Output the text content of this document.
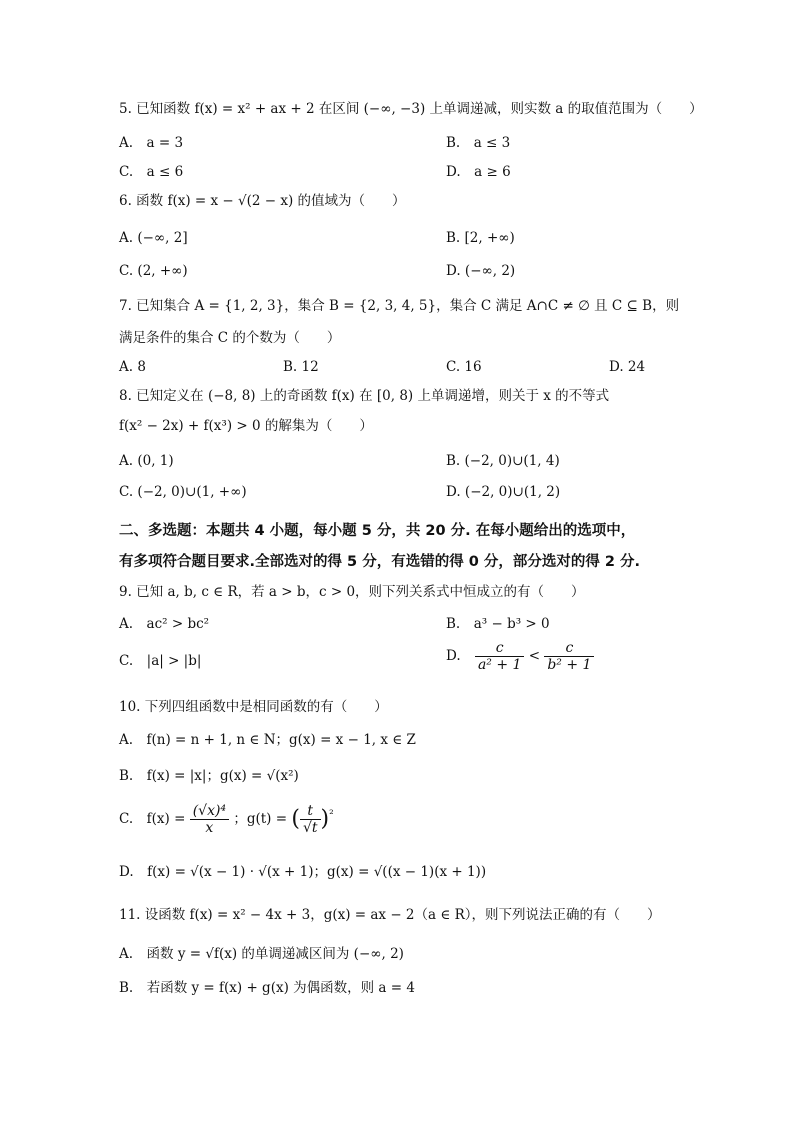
5. 已知函数 f(x) = x² + ax + 2 在区间 (−∞, −3) 上单调递减，则实数 a 的取值范围为（　　）
A.　a = 3	B.　a ≤ 3
C.　a ≤ 6	D.　a ≥ 6
6. 函数 f(x) = x − √(2 − x) 的值域为（　　）
A. (−∞, 2]	B. [2, +∞)
C. (2, +∞)	D. (−∞, 2)
7. 已知集合 A = {1, 2, 3}，集合 B = {2, 3, 4, 5}，集合 C 满足 A∩C ≠ ∅ 且 C ⊆ B，则
满足条件的集合 C 的个数为（　　）
A. 8	B. 12	C. 16	D. 24
8. 已知定义在 (−8, 8) 上的奇函数 f(x) 在 [0, 8) 上单调递增，则关于 x 的不等式
f(x² − 2x) + f(x³) > 0 的解集为（　　）
A. (0, 1)	B. (−2, 0)∪(1, 4)
C. (−2, 0)∪(1, +∞)	D. (−2, 0)∪(1, 2)
二、多选题：本题共 4 小题，每小题 5 分，共 20 分. 在每小题给出的选项中，
有多项符合题目要求.全部选对的得 5 分，有选错的得 0 分，部分选对的得 2 分.
9. 已知 a, b, c ∈ R，若 a > b，c > 0，则下列关系式中恒成立的有（　　）
A.　ac² > bc²	B.　a³ − b³ > 0
C.　|a| > |b|	D. $\frac{c}{\text{a² + 1}} < \frac{c}{\text{b² + 1}}$
10. 下列四组函数中是相同函数的有（　　）
A.　f(n) = n + 1, n ∈ N；g(x) = x − 1, x ∈ Z
B.　f(x) = |x|；g(x) = √(x²)
C.　$f(x) = \frac{\text{(√x)⁴}}{x}$ ；g(t) = ( $\frac{t}{√t} )^{^2}$
D.　f(x) = √(x − 1) · √(x + 1)；g(x) = √((x − 1)(x + 1))
11. 设函数 f(x) = x² − 4x + 3，g(x) = ax − 2（a ∈ R），则下列说法正确的有（　　）
A.　函数 y = √f(x) 的单调递减区间为 (−∞, 2)
B.　若函数 y = f(x) + g(x) 为偶函数，则 a = 4
